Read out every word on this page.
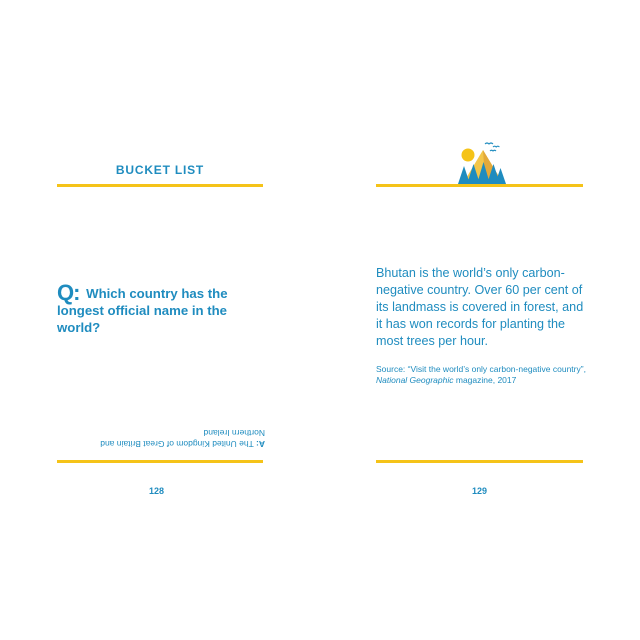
BUCKET LIST
Q: Which country has the longest official name in the world?
A: The United Kingdom of Great Britain and Northern Ireland
128
Bhutan is the world’s only carbon-negative country. Over 60 per cent of its landmass is covered in forest, and it has won records for planting the most trees per hour.
Source: “Visit the world’s only carbon-negative country”, National Geographic magazine, 2017
129
